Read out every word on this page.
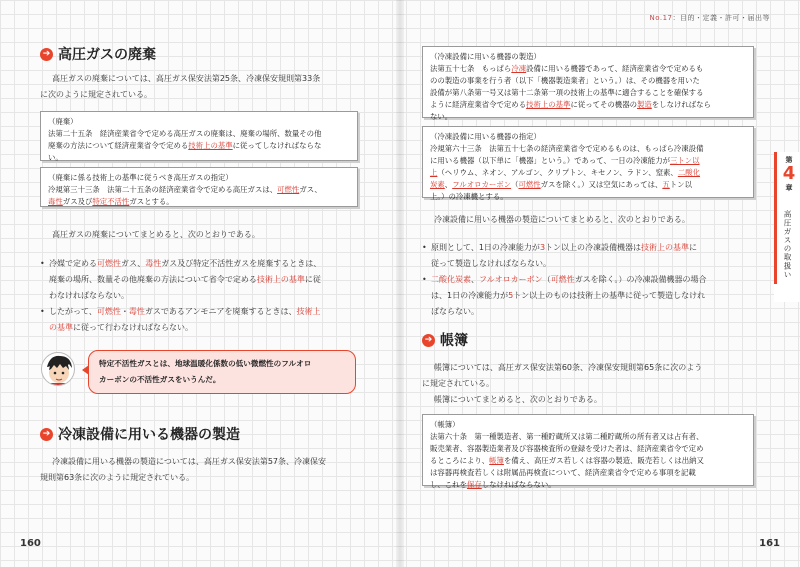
➔ 高圧ガスの廃棄
高圧ガスの廃棄については、高圧ガス保安法第25条、冷凍保安規則第33条
に次のように規定されている。
（廃棄）
法第二十五条　経済産業省令で定める高圧ガスの廃棄は、廃棄の場所、数量その他
廃棄の方法について経済産業省令で定める技術上の基準に従ってしなければならな
い。
（廃棄に係る技術上の基準に従うべき高圧ガスの指定）
冷規第三十三条　法第二十五条の経済産業省令で定める高圧ガスは、可燃性ガス、
毒性ガス及び特定不活性ガスとする。
高圧ガスの廃棄についてまとめると、次のとおりである。
• 冷媒で定める可燃性ガス、毒性ガス及び特定不活性ガスを廃棄するときは、
廃棄の場所、数量その他廃棄の方法について省令で定める技術上の基準に従
わなければならない。
• したがって、可燃性・毒性ガスであるアンモニアを廃棄するときは、技術上
の基準に従って行わなければならない。
特定不活性ガスとは、地球温暖化係数の低い微燃性のフルオロ
カーボンの不活性ガスをいうんだ。
➔ 冷凍設備に用いる機器の製造
冷凍設備に用いる機器の製造については、高圧ガス保安法第57条、冷凍保安
規則第63条に次のように規定されている。
160
No.17：目的・定義・許可・届出等
（冷凍設備に用いる機器の製造）
法第五十七条　もっぱら冷凍設備に用いる機器であって、経済産業省令で定めるも
のの製造の事業を行う者（以下「機器製造業者」という。）は、その機器を用いた
設備が第八条第一号又は第十二条第一項の技術上の基準に適合することを確保する
ように経済産業省令で定める技術上の基準に従ってその機器の製造をしなければなら
ない。
（冷凍設備に用いる機器の指定）
冷規第六十三条　法第五十七条の経済産業省令で定めるものは、もっぱら冷凍設備
に用いる機器（以下単に「機器」という。）であって、一日の冷凍能力が三トン以
上（ヘリウム、ネオン、アルゴン、クリプトン、キセノン、ラドン、窒素、二酸化
炭素、フルオロカーボン（可燃性ガスを除く。）又は空気にあっては、五トン以
上。）の冷凍機とする。
冷凍設備に用いる機器の製造についてまとめると、次のとおりである。
• 原則として、1日の冷凍能力が3トン以上の冷凍設備機器は技術上の基準に
従って製造しなければならない。
• 二酸化炭素、フルオロカーボン（可燃性ガスを除く。）の冷凍設備機器の場合
は、1日の冷凍能力が5トン以上のものは技術上の基準に従って製造しなけれ
ばならない。
➔ 帳簿
帳簿については、高圧ガス保安法第60条、冷凍保安規則第65条に次のよう
に規定されている。
帳簿についてまとめると、次のとおりである。
（帳簿）
法第六十条　第一種製造者、第一種貯蔵所又は第二種貯蔵所の所有者又は占有者、
販売業者、容器製造業者及び容器検査所の登録を受けた者は、経済産業省令で定め
るところにより、帳簿を備え、高圧ガス若しくは容器の製造、販売若しくは出納又
は容器再検査若しくは附属品再検査について、経済産業省令で定める事項を記載
し、これを保存しなければならない。
第
4
章
高圧ガスの取扱い
161
